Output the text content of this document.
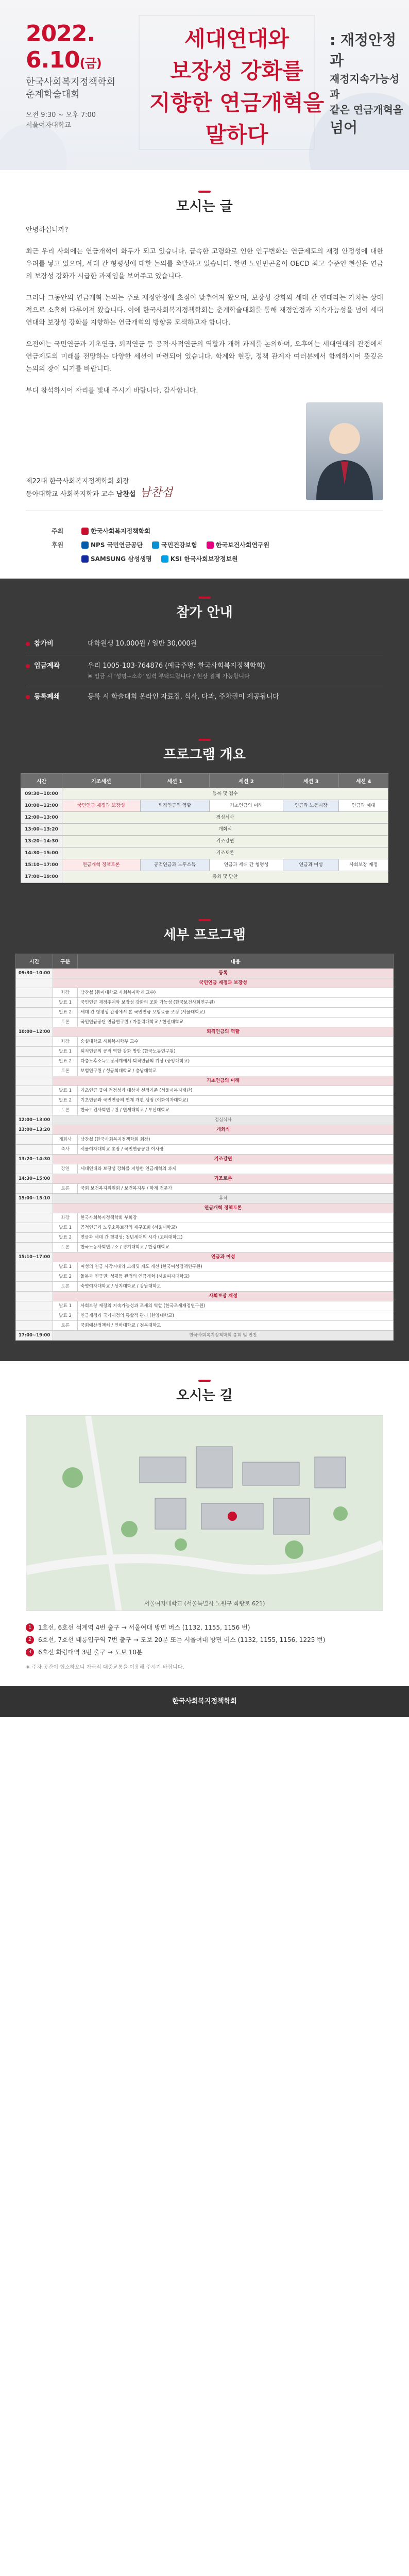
2022.
6.10(금)
한국사회복지정책학회
춘계학술대회
오전 9:30 ~ 오후 7:00
서울여자대학교
세대연대와
보장성 강화를
지향한 연금개혁을
말하다
: 재정안정과
재정지속가능성과
같은 연금개혁을
넘어
모시는 글

안녕하십니까?

최근 우리 사회에는 연금개혁이 화두가 되고 있습니다. 급속한 고령화로 인한 인구변화는 연금제도의 재정 안정성에 대한 우려를 낳고 있으며, 세대 간 형평성에 대한 논의를 촉발하고 있습니다. 한편 노인빈곤율이 OECD 최고 수준인 현실은 연금의 보장성 강화가 시급한 과제임을 보여주고 있습니다.

그러나 그동안의 연금개혁 논의는 주로 재정안정에 초점이 맞추어져 왔으며, 보장성 강화와 세대 간 연대라는 가치는 상대적으로 소홀히 다루어져 왔습니다. 이에 한국사회복지정책학회는 춘계학술대회를 통해 재정안정과 지속가능성을 넘어 세대연대와 보장성 강화를 지향하는 연금개혁의 방향을 모색하고자 합니다.

오전에는 국민연금과 기초연금, 퇴직연금 등 공적·사적연금의 역할과 개혁 과제를 논의하며, 오후에는 세대연대의 관점에서 연금제도의 미래를 전망하는 다양한 세션이 마련되어 있습니다. 학계와 현장, 정책 관계자 여러분께서 함께하시어 뜻깊은 논의의 장이 되기를 바랍니다.

부디 참석하시어 자리를 빛내 주시기 바랍니다. 감사합니다.

제22대 한국사회복지정책학회 회장
동아대학교 사회복지학과 교수 남찬섭 남찬섭
주최	한국사회복지정책학회
후원	NPS 국민연금공단	국민건강보험	한국보건사회연구원
SAMSUNG 삼성생명	KSI 한국사회보장정보원
참가 안내
참가비	대학원생 10,000원 / 일반 30,000원
입금계좌	우리 1005-103-764876 (예금주명: 한국사회복지정책학회)
※ 입금 시 '성명+소속' 입력 부탁드립니다 / 현장 결제 가능합니다
등록폐쇄	등록 시 학술대회 온라인 자료집, 식사, 다과, 주차권이 제공됩니다
프로그램 개요
시간	기조세션	세션 1	세션 2	세션 3	세션 4
09:30~10:00	등록 및 접수				
10:00~12:00	국민연금 재정과 보장성	퇴직연금의 역할	기초연금의 미래	연금과 노동시장	연금과 세대
12:00~13:00	점심식사				
13:00~13:20	개회식				
13:20~14:30	기조강연				
14:30~15:00	기조토론				
15:10~17:00	연금개혁 정책토론	공적연금과 노후소득	연금과 세대 간 형평성	연금과 여성	사회보장 재정
17:00~19:00	총회 및 만찬				
세부 프로그램
시간	구분	내용
09:30~10:00	등록	
	국민연금 재정과 보장성	
	좌장	남찬섭 (동아대학교 사회복지학과 교수)
	발표 1	국민연금 재정추계와 보장성 강화의 조화 가능성 (한국보건사회연구원)
	발표 2	세대 간 형평성 관점에서 본 국민연금 보험료율 조정 (서울대학교)
	토론	국민연금공단 연금연구원 / 가톨릭대학교 / 한신대학교
10:00~12:00	퇴직연금의 역할	
	좌장	숭실대학교 사회복지학부 교수
	발표 1	퇴직연금의 공적 역할 강화 방안 (한국노동연구원)
	발표 2	다층노후소득보장체계에서 퇴직연금의 위상 (중앙대학교)
	토론	보험연구원 / 성공회대학교 / 충남대학교
	기초연금의 미래	
	발표 1	기초연금 급여 적정성과 대상자 선정기준 (서울시복지재단)
	발표 2	기초연금과 국민연금의 연계 개편 쟁점 (이화여자대학교)
	토론	한국보건사회연구원 / 연세대학교 / 부산대학교
12:00~13:00	점심식사	
13:00~13:20	개회식	
	개회사	남찬섭 (한국사회복지정책학회 회장)
	축사	서울여자대학교 총장 / 국민연금공단 이사장
13:20~14:30	기조강연	
	강연	세대연대와 보장성 강화를 지향한 연금개혁의 과제
14:30~15:00	기조토론	
	토론	국회 보건복지위원회 / 보건복지부 / 학계 전문가
15:00~15:10	휴식	
	연금개혁 정책토론	
	좌장	한국사회복지정책학회 부회장
	발표 1	공적연금과 노후소득보장의 재구조화 (서울대학교)
	발표 2	연금과 세대 간 형평성: 청년세대의 시각 (고려대학교)
	토론	한국노동사회연구소 / 경기대학교 / 한림대학교
15:10~17:00	연금과 여성	
	발표 1	여성의 연금 사각지대와 크레딧 제도 개선 (한국여성정책연구원)
	발표 2	돌봄과 연금권: 성평등 관점의 연금개혁 (서울여자대학교)
	토론	숙명여자대학교 / 상지대학교 / 강남대학교
	사회보장 재정	
	발표 1	사회보장 재정의 지속가능성과 조세의 역할 (한국조세재정연구원)
	발표 2	연금재정과 국가재정의 통합적 관리 (한양대학교)
	토론	국회예산정책처 / 인하대학교 / 전북대학교
17:00~19:00	한국사회복지정책학회 총회 및 만찬	
오시는 길
서울여자대학교 (서울특별시 노원구 화랑로 621)
1	1호선, 6호선 석계역 4번 출구 → 서울여대 방면 버스 (1132, 1155, 1156 번)
2	6호선, 7호선 태릉입구역 7번 출구 → 도보 20분 또는 서울여대 방면 버스 (1132, 1155, 1156, 1225 번)
3	6호선 화랑대역 3번 출구 → 도보 10분
※ 주차 공간이 협소하오니 가급적 대중교통을 이용해 주시기 바랍니다.
한국사회복지정책학회
